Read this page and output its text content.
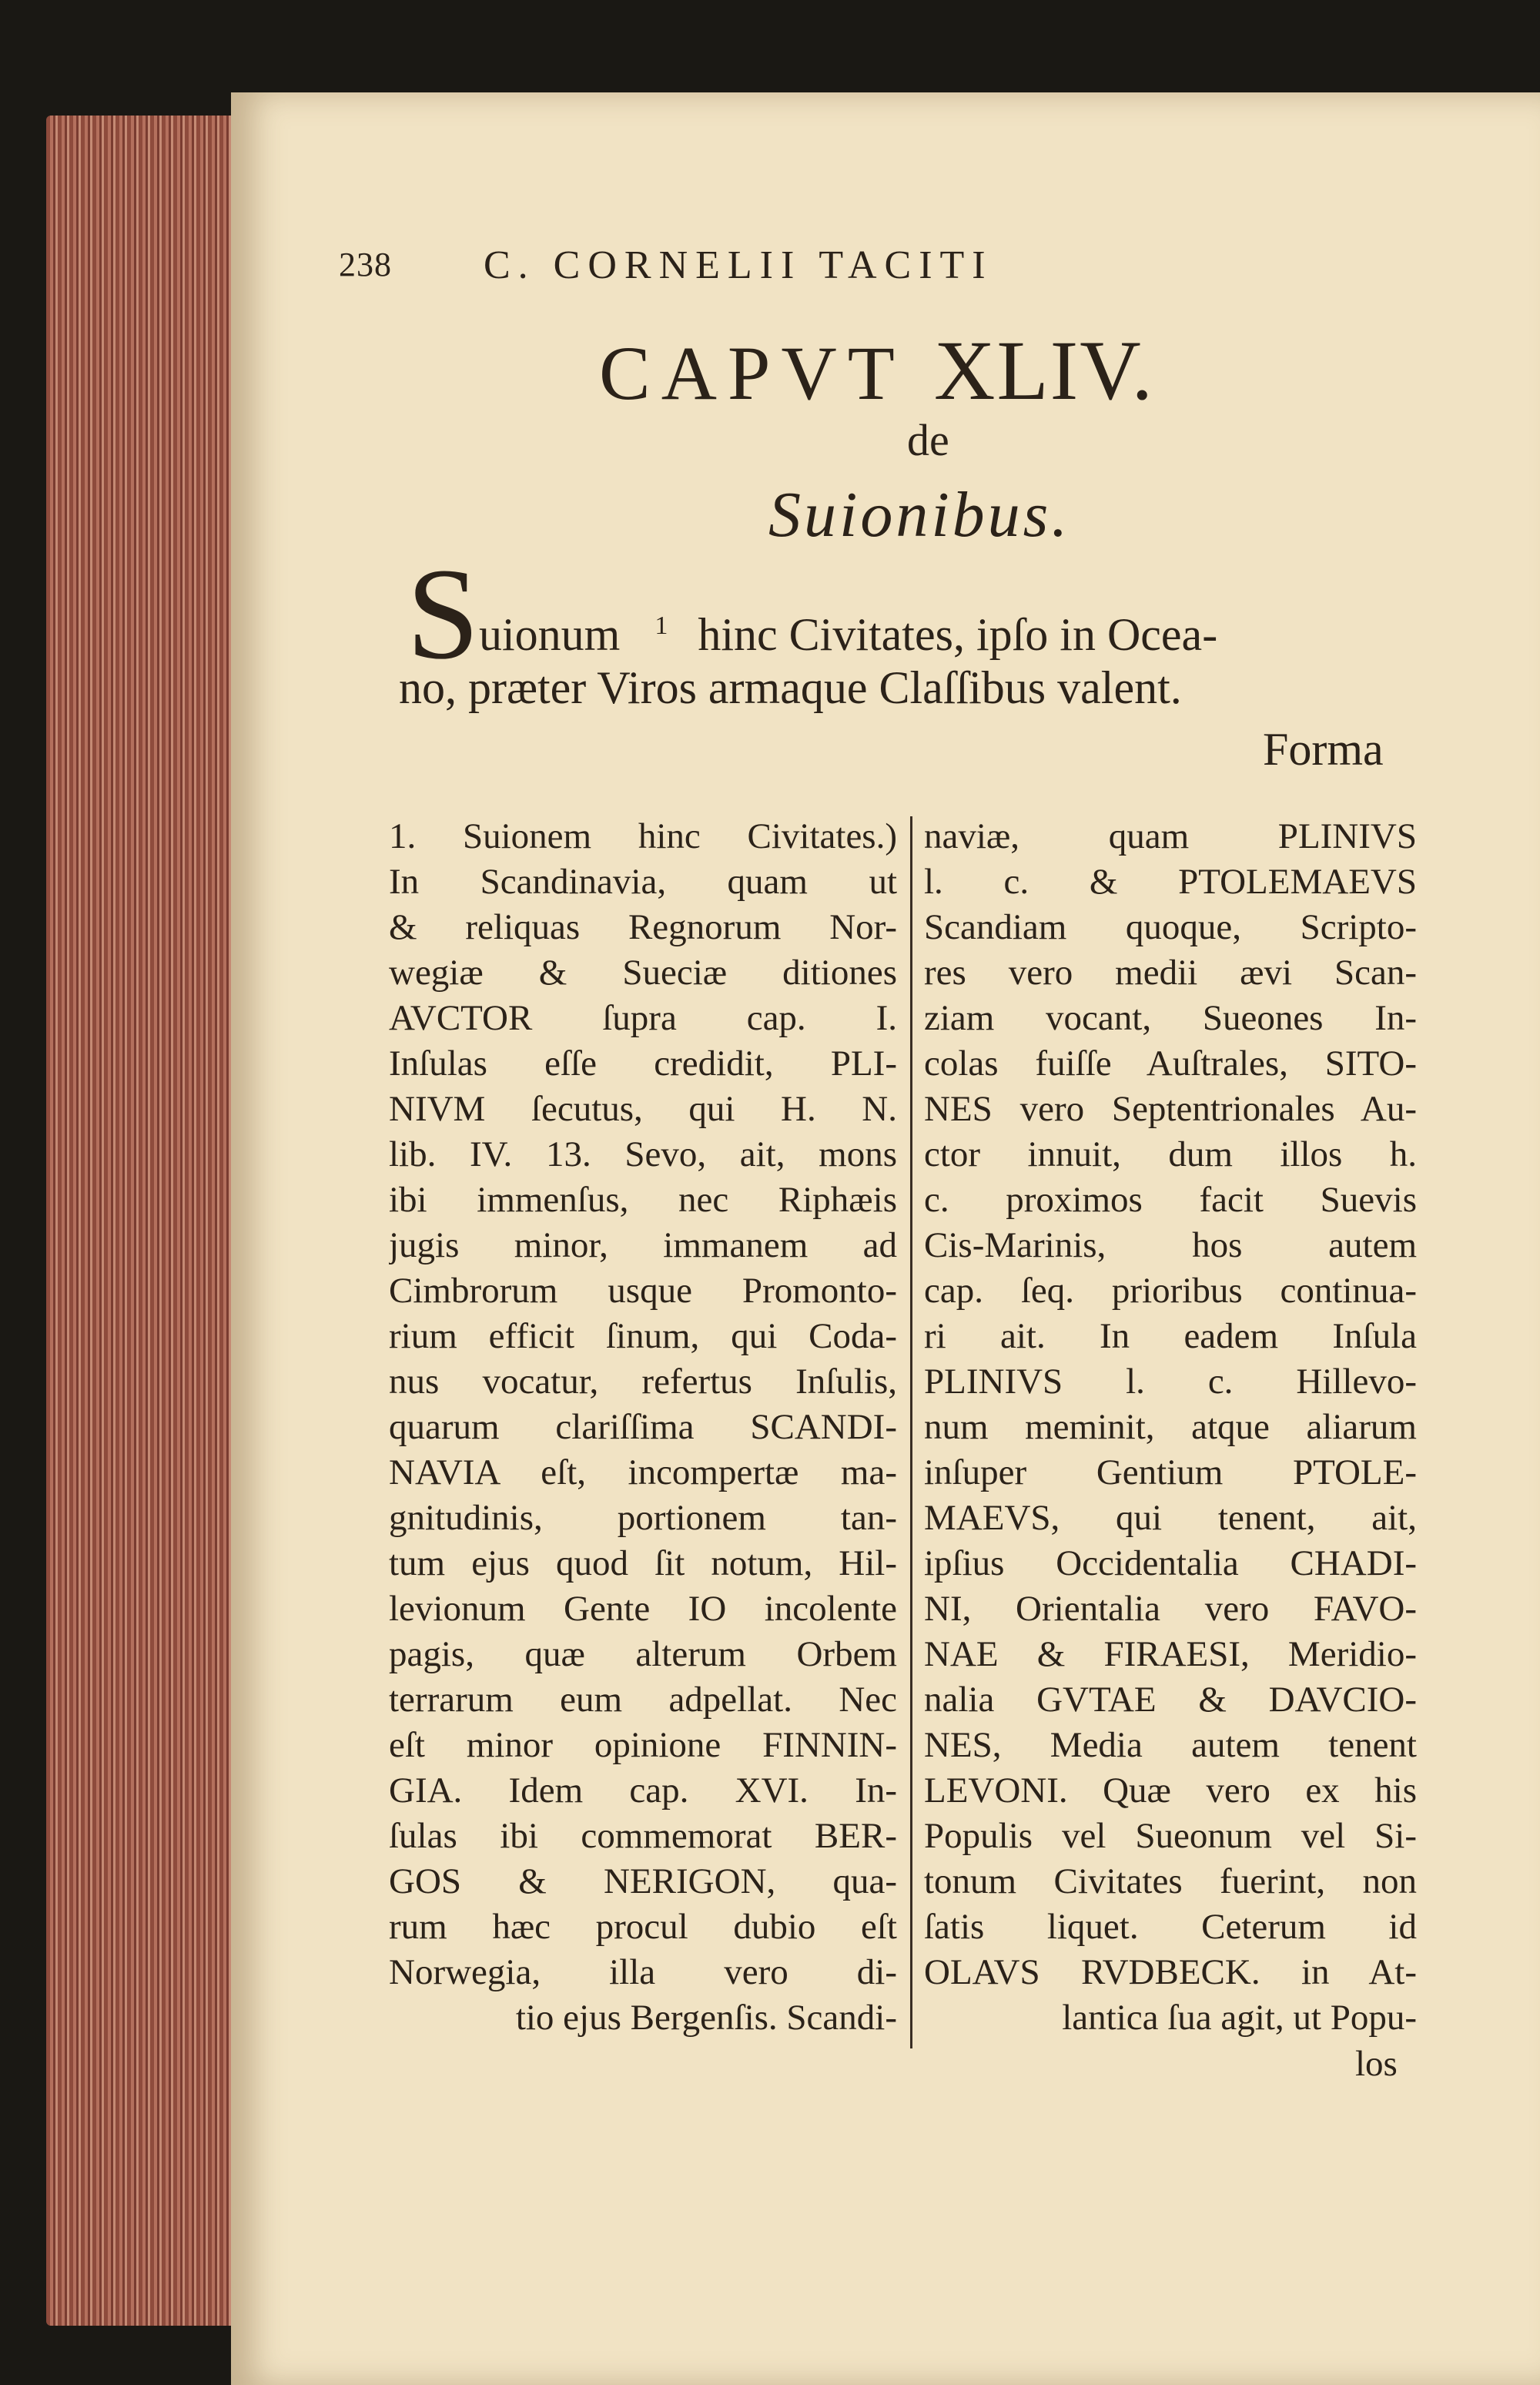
238 C. CORNELII TACITI
CAPVT XLIV.
de
Suionibus.
S uionum $^1$ hinc Civitates, ipſo in Ocea-
no, præter Viros armaque Claſſibus valent.
Forma
1. Suionem hinc Civitates.)
In Scandinavia, quam ut
& reliquas Regnorum Nor-
wegiæ & Sueciæ ditiones
AVCTOR ſupra cap. I.
Inſulas eſſe credidit, PLI-
NIVM ſecutus, qui H. N.
lib. IV. 13. Sevo, ait, mons
ibi immenſus, nec Riphæis
jugis minor, immanem ad
Cimbrorum usque Promonto-
rium efficit ſinum, qui Coda-
nus vocatur, refertus Inſulis,
quarum clariſſima SCANDI-
NAVIA eſt, incompertæ ma-
gnitudinis, portionem tan-
tum ejus quod ſit notum, Hil-
levionum Gente IO incolente
pagis, quæ alterum Orbem
terrarum eum adpellat. Nec
eſt minor opinione FINNIN-
GIA. Idem cap. XVI. In-
ſulas ibi commemorat BER-
GOS & NERIGON, qua-
rum hæc procul dubio eſt
Norwegia, illa vero di-
tio ejus Bergenſis. Scandi-
naviæ, quam PLINIVS
l. c. & PTOLEMAEVS
Scandiam quoque, Scripto-
res vero medii ævi Scan-
ziam vocant, Sueones In-
colas fuiſſe Auſtrales, SITO-
NES vero Septentrionales Au-
ctor innuit, dum illos h.
c. proximos facit Suevis
Cis-Marinis, hos autem
cap. ſeq. prioribus continua-
ri ait. In eadem Inſula
PLINIVS l. c. Hillevo-
num meminit, atque aliarum
inſuper Gentium PTOLE-
MAEVS, qui tenent, ait,
ipſius Occidentalia CHADI-
NI, Orientalia vero FAVO-
NAE & FIRAESI, Meridio-
nalia GVTAE & DAVCIO-
NES, Media autem tenent
LEVONI. Quæ vero ex his
Populis vel Sueonum vel Si-
tonum Civitates fuerint, non
ſatis liquet. Ceterum id
OLAVS RVDBECK. in At-
lantica ſua agit, ut Popu-
los
